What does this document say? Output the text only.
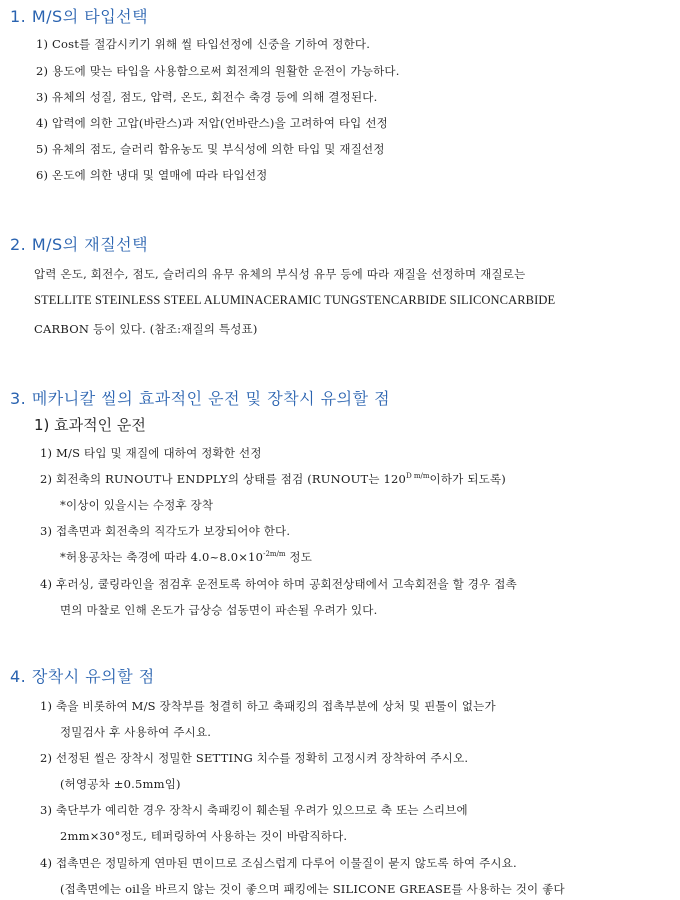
1. M/S의 타입선택
1) Cost를 절감시키기 위해 씰 타입선정에 신중을 기하여 정한다.
2) 용도에 맞는 타입을 사용함으로써 회전계의 원활한 운전이 가능하다.
3) 유체의 성질, 점도, 압력, 온도, 회전수 축경 등에 의해 결정된다.
4) 압력에 의한 고압(바란스)과 저압(언바란스)을 고려하여 타입 선정
5) 유체의 점도, 슬러리 함유농도 및 부식성에 의한 타입 및 재질선정
6) 온도에 의한 냉대 및 열매에 따라 타입선정
2. M/S의 재질선택
압력 온도, 회전수, 점도, 슬러리의 유무 유체의 부식성 유무 등에 따라 재질을 선정하며 재질로는
STELLITE STEINLESS STEEL ALUMINACERAMIC TUNGSTENCARBIDE SILICONCARBIDE
CARBON 등이 있다. (참조:재질의 특성표)
3. 메카니칼 씰의 효과적인 운전 및 장착시 유의할 점
1) 효과적인 운전
1) M/S 타입 및 재질에 대하여 정확한 선정
2) 회전축의 RUNOUT나 ENDPLY의 상태를 점검 (RUNOUT는 $120^{D m/m}$이하가 되도록)
*이상이 있을시는 수정후 장착
3) 접촉면과 회전축의 직각도가 보장되어야 한다.
*허용공차는 축경에 따라 $4.0\sim 8.0\times 10^{-2m/m}$ 정도
4) 후러싱, 쿨링라인을 점검후 운전토록 하여야 하며 공회전상태에서 고속회전을 할 경우 접촉
면의 마찰로 인해 온도가 급상승 섭동면이 파손될 우려가 있다.
4. 장착시 유의할 점
1) 축을 비롯하여 M/S 장착부를 청결히 하고 축패킹의 접촉부분에 상처 및 핀툴이 없는가
정밀검사 후 사용하여 주시요.
2) 선정된 씰은 장착시 정밀한 SETTING 치수를 정확히 고정시켜 장착하여 주시오.
(허영공차 ±0.5mm임)
3) 축단부가 예리한 경우 장착시 축패킹이 훼손될 우려가 있으므로 축 또는 스리브에
2mm×30°정도, 테퍼링하여 사용하는 것이 바람직하다.
4) 접촉면은 정밀하게 연마된 면이므로 조심스럽게 다루어 이물질이 묻지 않도록 하여 주시요.
(접촉면에는 oil을 바르지 않는 것이 좋으며 패킹에는 SILICONE GREASE를 사용하는 것이 좋다
